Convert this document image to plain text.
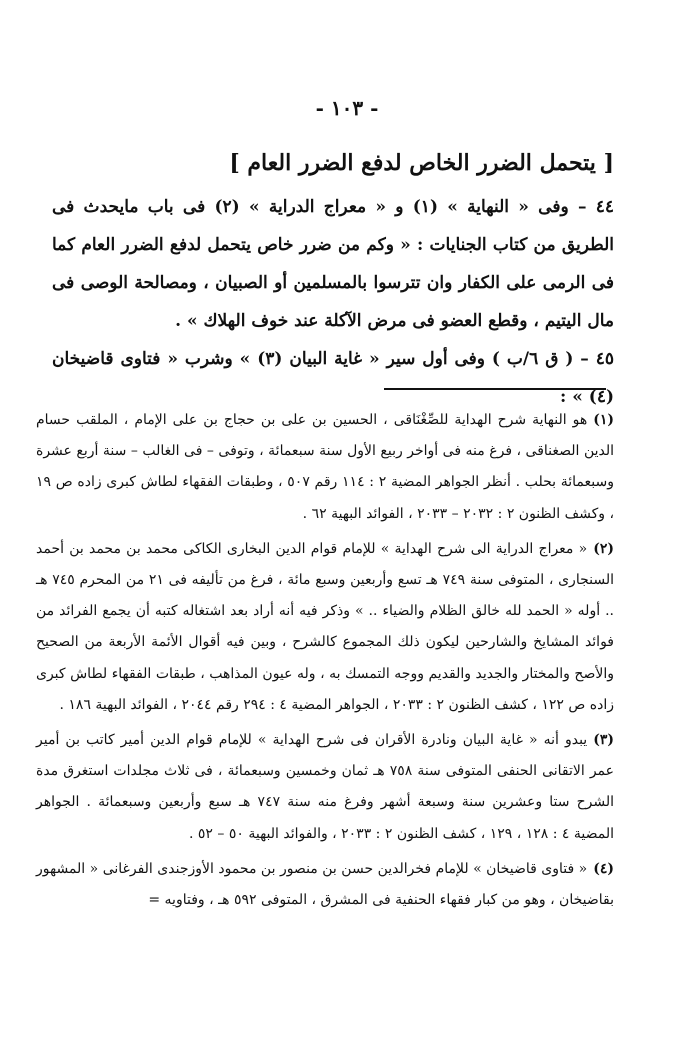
- ١٠٣ -
[ يتحمل الضرر الخاص لدفع الضرر العام ]

٤٤ – وفى « النهاية » (١) و « معراج الدراية » (٢) فى باب مايحدث فى الطريق من كتاب الجنايات : « وكم من ضرر خاص يتحمل لدفع الضرر العام كما فى الرمى على الكفار وان تترسوا بالمسلمين أو الصبيان ، ومصالحة الوصى فى مال اليتيم ، وقطع العضو فى مرض الآكلة عند خوف الهلاك » .

٤٥ – ( ق ٦/ب ) وفى أول سير « غاية البيان (٣) » وشرب « فتاوى قاضيخان (٤) » :

(١)هو النهاية شرح الهداية للصِّغْنَاقى ، الحسين بن على بن حجاج بن على الإمام ، الملقب حسام الدين الصغناقى ، فرغ منه فى أواخر ربيع الأول سنة سبعمائة ، وتوفى – فى الغالب – سنة أربع عشرة وسبعمائة بحلب . أنظر الجواهر المضية ٢ : ١١٤ رقم ٥٠٧ ، وطبقات الفقهاء لطاش كبرى زاده ص ١٩ ، وكشف الظنون ٢ : ٢٠٣٢ – ٢٠٣٣ ، الفوائد البهية ٦٢ .

(٢)« معراج الدراية الى شرح الهداية » للإمام قوام الدين البخارى الكاكى محمد بن محمد بن أحمد السنجارى ، المتوفى سنة ٧٤٩ هـ تسع وأربعين وسبع مائة ، فرغ من تأليفه فى ٢١ من المحرم ٧٤٥ هـ .. أوله « الحمد لله خالق الظلام والضياء .. » وذكر فيه أنه أراد بعد اشتغاله كتبه أن يجمع الفرائد من فوائد المشايخ والشارحين ليكون ذلك المجموع كالشرح ، وبين فيه أقوال الأئمة الأربعة من الصحيح والأصح والمختار والجديد والقديم ووجه التمسك به ، وله عيون المذاهب ، طبقات الفقهاء لطاش كبرى زاده ص ١٢٢ ، كشف الظنون ٢ : ٢٠٣٣ ، الجواهر المضية ٤ : ٢٩٤ رقم ٢٠٤٤ ، الفوائد البهية ١٨٦ .

(٣)يبدو أنه « غاية البيان ونادرة الأقران فى شرح الهداية » للإمام قوام الدين أمير كاتب بن أمير عمر الاتقانى الحنفى المتوفى سنة ٧٥٨ هـ ثمان وخمسين وسبعمائة ، فى ثلاث مجلدات استغرق مدة الشرح ستا وعشرين سنة وسبعة أشهر وفرغ منه سنة ٧٤٧ هـ سبع وأربعين وسبعمائة . الجواهر المضية ٤ : ١٢٨ ، ١٢٩ ، كشف الظنون ٢ : ٢٠٣٣ ، والفوائد البهية ٥٠ – ٥٢ .

(٤)« فتاوى قاضيخان » للإمام فخرالدين حسن بن منصور بن محمود الأوزجندى الفرغانى « المشهور بقاضيخان ، وهو من كبار فقهاء الحنفية فى المشرق ، المتوفى ٥٩٢ هـ ، وفتاويه =
